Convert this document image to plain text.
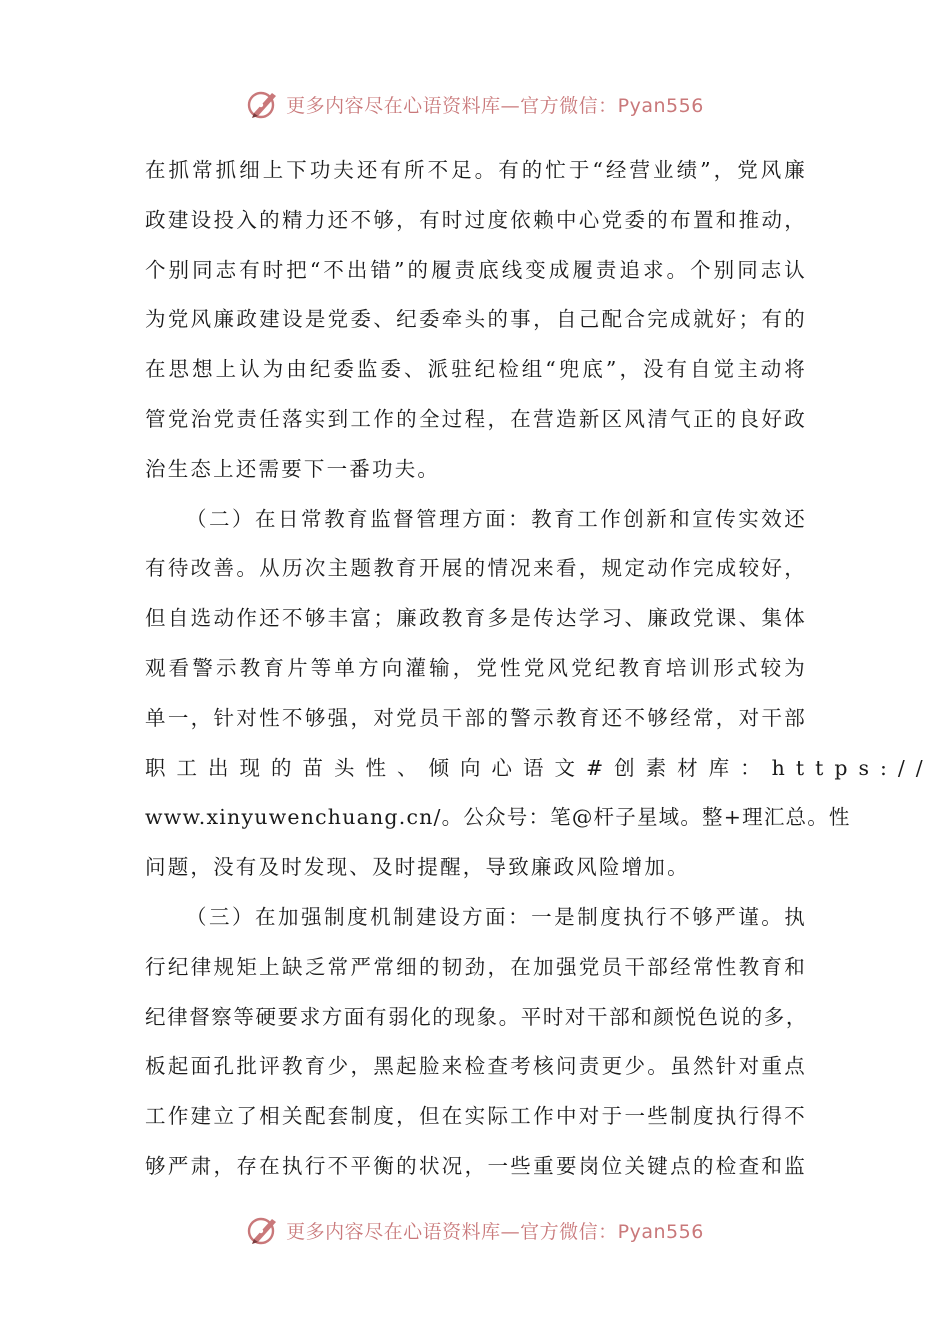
更多内容尽在心语资料库—官方微信：Pyan556

在抓常抓细上下功夫还有所不足。有的忙于“经营业绩”，党风廉
政建设投入的精力还不够，有时过度依赖中心党委的布置和推动，
个别同志有时把“不出错”的履责底线变成履责追求。个别同志认
为党风廉政建设是党委、纪委牵头的事，自己配合完成就好；有的
在思想上认为由纪委监委、派驻纪检组“兜底”，没有自觉主动将
管党治党责任落实到工作的全过程，在营造新区风清气正的良好政
治生态上还需要下一番功夫。

（二）在日常教育监督管理方面：教育工作创新和宣传实效还
有待改善。从历次主题教育开展的情况来看，规定动作完成较好，
但自选动作还不够丰富；廉政教育多是传达学习、廉政党课、集体
观看警示教育片等单方向灌输，党性党风党纪教育培训形式较为
单一，针对性不够强，对党员干部的警示教育还不够经常，对干部
职工出现的苗头性、倾向心语文#创素材库：https://
www.xinyuwenchuang.cn/。公众号：笔@杆子星域。整+理汇总。性
问题，没有及时发现、及时提醒，导致廉政风险增加。

（三）在加强制度机制建设方面：一是制度执行不够严谨。执
行纪律规矩上缺乏常严常细的韧劲，在加强党员干部经常性教育和
纪律督察等硬要求方面有弱化的现象。平时对干部和颜悦色说的多，
板起面孔批评教育少，黑起脸来检查考核问责更少。虽然针对重点
工作建立了相关配套制度，但在实际工作中对于一些制度执行得不
够严肃，存在执行不平衡的状况，一些重要岗位关键点的检查和监

更多内容尽在心语资料库—官方微信：Pyan556
